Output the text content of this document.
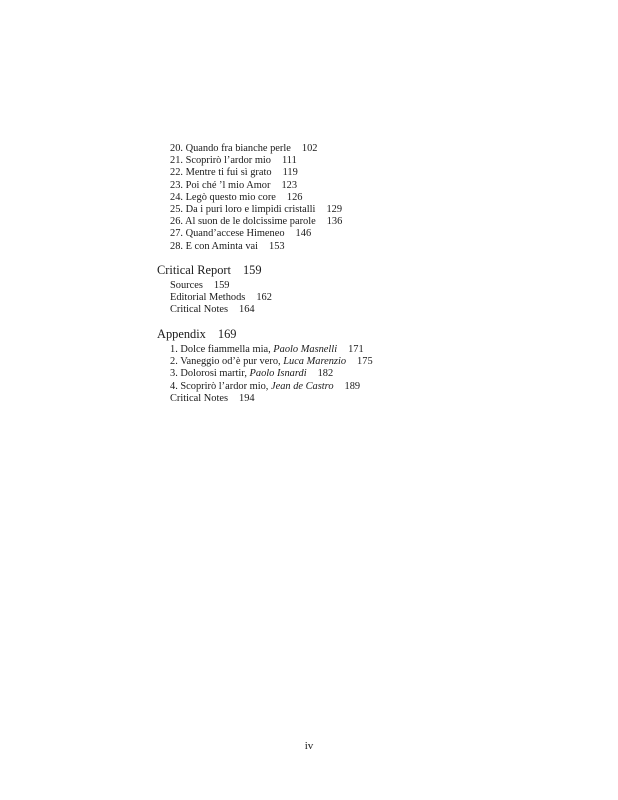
20. Quando fra bianche perle 102
21. Scoprirò l’ardor mio 111
22. Mentre ti fui sì grato 119
23. Poi ché ’l mio Amor 123
24. Legò questo mio core 126
25. Da i puri loro e limpidi cristalli 129
26. Al suon de le dolcissime parole 136
27. Quand’accese Himeneo 146
28. E con Aminta vai 153
Critical Report 159
Sources 159
Editorial Methods 162
Critical Notes 164
Appendix 169
1. Dolce fiammella mia, Paolo Masnelli 171
2. Vaneggio od’è pur vero, Luca Marenzio 175
3. Dolorosi martir, Paolo Isnardi 182
4. Scoprirò l’ardor mio, Jean de Castro 189
Critical Notes 194
iv
